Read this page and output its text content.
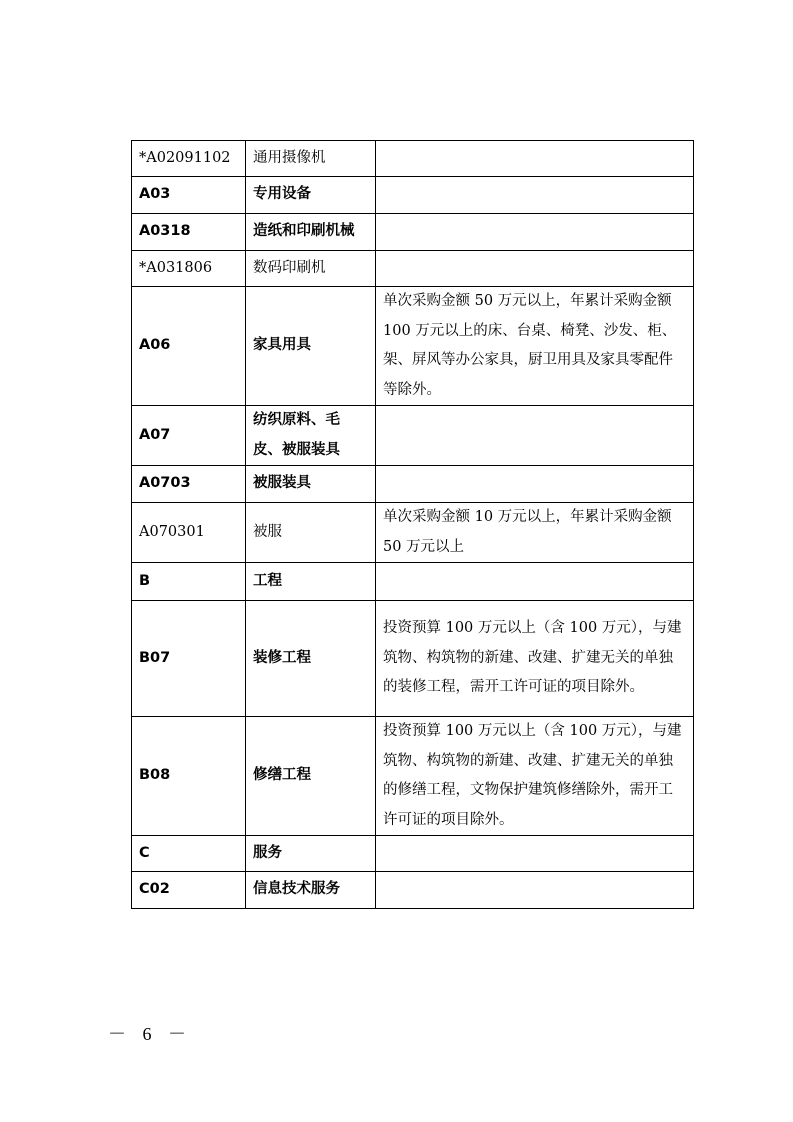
*A02091102	通用摄像机	
A03	专用设备	
A0318	造纸和印刷机械	
*A031806	数码印刷机	
A06	家具用具	单次采购金额 50 万元以上，年累计采购金额 100 万元以上的床、台桌、椅凳、沙发、柜、架、屏风等办公家具，厨卫用具及家具零配件等除外。
A07	纺织原料、毛皮、被服装具	
A0703	被服装具	
A070301	被服	单次采购金额 10 万元以上，年累计采购金额 50 万元以上
B	工程	
B07	装修工程	投资预算 100 万元以上（含 100 万元），与建筑物、构筑物的新建、改建、扩建无关的单独的装修工程，需开工许可证的项目除外。
B08	修缮工程	投资预算 100 万元以上（含 100 万元），与建筑物、构筑物的新建、改建、扩建无关的单独的修缮工程，文物保护建筑修缮除外，需开工许可证的项目除外。
C	服务	
C02	信息技术服务	
－ 6 －
